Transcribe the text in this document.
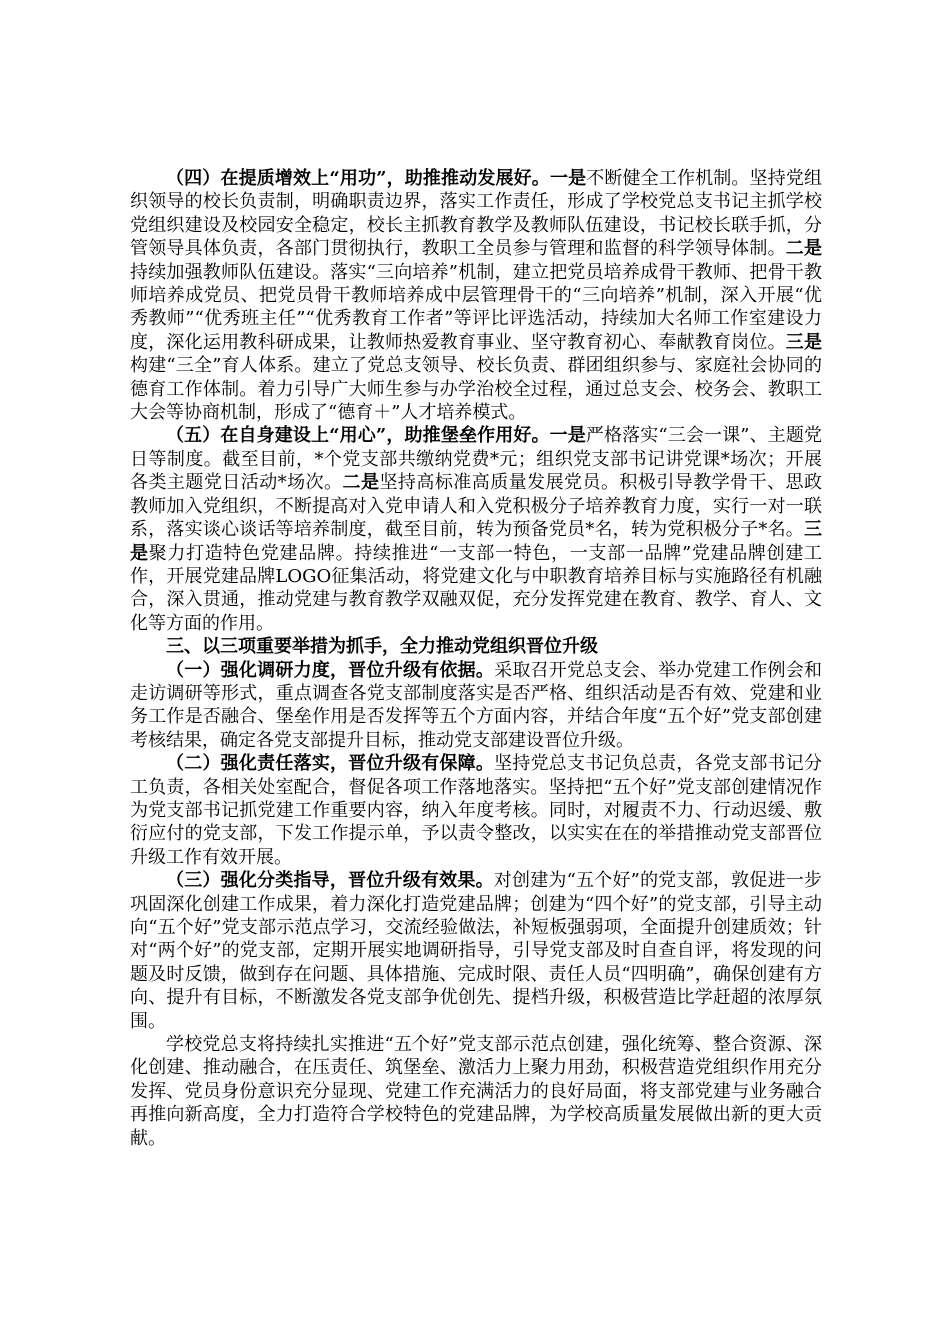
（四）在提质增效上“用功”，助推推动发展好。一是不断健全工作机制。坚持党组织领导的校长负责制，明确职责边界，落实工作责任，形成了学校党总支书记主抓学校党组织建设及校园安全稳定，校长主抓教育教学及教师队伍建设，书记校长联手抓，分管领导具体负责，各部门贯彻执行，教职工全员参与管理和监督的科学领导体制。二是持续加强教师队伍建设。落实“三向培养”机制，建立把党员培养成骨干教师、把骨干教师培养成党员、把党员骨干教师培养成中层管理骨干的“三向培养”机制，深入开展“优秀教师”“优秀班主任”“优秀教育工作者”等评比评选活动，持续加大名师工作室建设力度，深化运用教科研成果，让教师热爱教育事业、坚守教育初心、奉献教育岗位。三是构建“三全”育人体系。建立了党总支领导、校长负责、群团组织参与、家庭社会协同的德育工作体制。着力引导广大师生参与办学治校全过程，通过总支会、校务会、教职工大会等协商机制，形成了“德育＋”人才培养模式。

（五）在自身建设上“用心”，助推堡垒作用好。一是严格落实“三会一课”、主题党日等制度。截至目前，*个党支部共缴纳党费*元；组织党支部书记讲党课*场次；开展各类主题党日活动*场次。二是坚持高标准高质量发展党员。积极引导教学骨干、思政教师加入党组织，不断提高对入党申请人和入党积极分子培养教育力度，实行一对一联系，落实谈心谈话等培养制度，截至目前，转为预备党员*名，转为党积极分子*名。三是聚力打造特色党建品牌。持续推进“一支部一特色，一支部一品牌”党建品牌创建工作，开展党建品牌LOGO征集活动，将党建文化与中职教育培养目标与实施路径有机融合，深入贯通，推动党建与教育教学双融双促，充分发挥党建在教育、教学、育人、文化等方面的作用。

三、以三项重要举措为抓手，全力推动党组织晋位升级

（一）强化调研力度，晋位升级有依据。采取召开党总支会、举办党建工作例会和走访调研等形式，重点调查各党支部制度落实是否严格、组织活动是否有效、党建和业务工作是否融合、堡垒作用是否发挥等五个方面内容，并结合年度“五个好”党支部创建考核结果，确定各党支部提升目标，推动党支部建设晋位升级。

（二）强化责任落实，晋位升级有保障。坚持党总支书记负总责，各党支部书记分工负责，各相关处室配合，督促各项工作落地落实。坚持把“五个好”党支部创建情况作为党支部书记抓党建工作重要内容，纳入年度考核。同时，对履责不力、行动迟缓、敷衍应付的党支部，下发工作提示单，予以责令整改，以实实在在的举措推动党支部晋位升级工作有效开展。

（三）强化分类指导，晋位升级有效果。对创建为“五个好”的党支部，敦促进一步巩固深化创建工作成果，着力深化打造党建品牌；创建为“四个好”的党支部，引导主动向“五个好”党支部示范点学习，交流经验做法，补短板强弱项，全面提升创建质效；针对“两个好”的党支部，定期开展实地调研指导，引导党支部及时自查自评，将发现的问题及时反馈，做到存在问题、具体措施、完成时限、责任人员“四明确”，确保创建有方向、提升有目标，不断激发各党支部争优创先、提档升级，积极营造比学赶超的浓厚氛围。

学校党总支将持续扎实推进“五个好”党支部示范点创建，强化统筹、整合资源、深化创建、推动融合，在压责任、筑堡垒、激活力上聚力用劲，积极营造党组织作用充分发挥、党员身份意识充分显现、党建工作充满活力的良好局面，将支部党建与业务融合再推向新高度，全力打造符合学校特色的党建品牌，为学校高质量发展做出新的更大贡献。
